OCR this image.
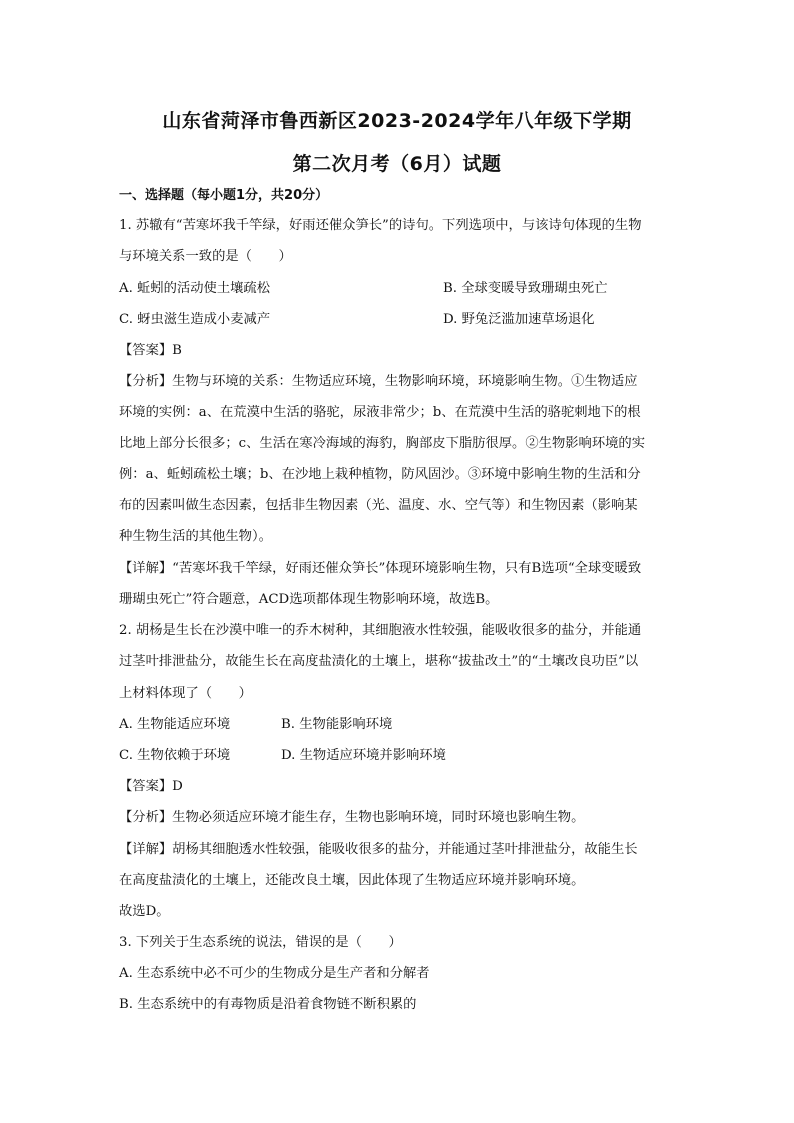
山东省菏泽市鲁西新区2023-2024学年八年级下学期
第二次月考（6月）试题
一、选择题（每小题1分，共20分）
1. 苏辙有“苦寒坏我千竿绿，好雨还催众笋长”的诗句。下列选项中，与该诗句体现的生物
与环境关系一致的是（　　）
A. 蚯蚓的活动使土壤疏松	B. 全球变暖导致珊瑚虫死亡
C. 蚜虫滋生造成小麦减产	D. 野兔泛滥加速草场退化
【答案】B
【分析】生物与环境的关系：生物适应环境，生物影响环境，环境影响生物。①生物适应
环境的实例：a、在荒漠中生活的骆驼，尿液非常少；b、在荒漠中生活的骆驼刺地下的根
比地上部分长很多；c、生活在寒冷海域的海豹，胸部皮下脂肪很厚。②生物影响环境的实
例：a、蚯蚓疏松土壤；b、在沙地上栽种植物，防风固沙。③环境中影响生物的生活和分
布的因素叫做生态因素，包括非生物因素（光、温度、水、空气等）和生物因素（影响某
种生物生活的其他生物）。
【详解】“苦寒坏我千竿绿，好雨还催众笋长”体现环境影响生物，只有B选项“全球变暖致
珊瑚虫死亡”符合题意，ACD选项都体现生物影响环境，故选B。
2. 胡杨是生长在沙漠中唯一的乔木树种，其细胞液水性较强，能吸收很多的盐分，并能通
过茎叶排泄盐分，故能生长在高度盐渍化的土壤上，堪称“拔盐改土”的“土壤改良功臣”以
上材料体现了（　　）
A. 生物能适应环境	B. 生物能影响环境
C. 生物依赖于环境	D. 生物适应环境并影响环境
【答案】D
【分析】生物必须适应环境才能生存，生物也影响环境，同时环境也影响生物。
【详解】胡杨其细胞透水性较强，能吸收很多的盐分，并能通过茎叶排泄盐分，故能生长
在高度盐渍化的土壤上，还能改良土壤，因此体现了生物适应环境并影响环境。
故选D。
3. 下列关于生态系统的说法，错误的是（　　）
A. 生态系统中必不可少的生物成分是生产者和分解者
B. 生态系统中的有毒物质是沿着食物链不断积累的
